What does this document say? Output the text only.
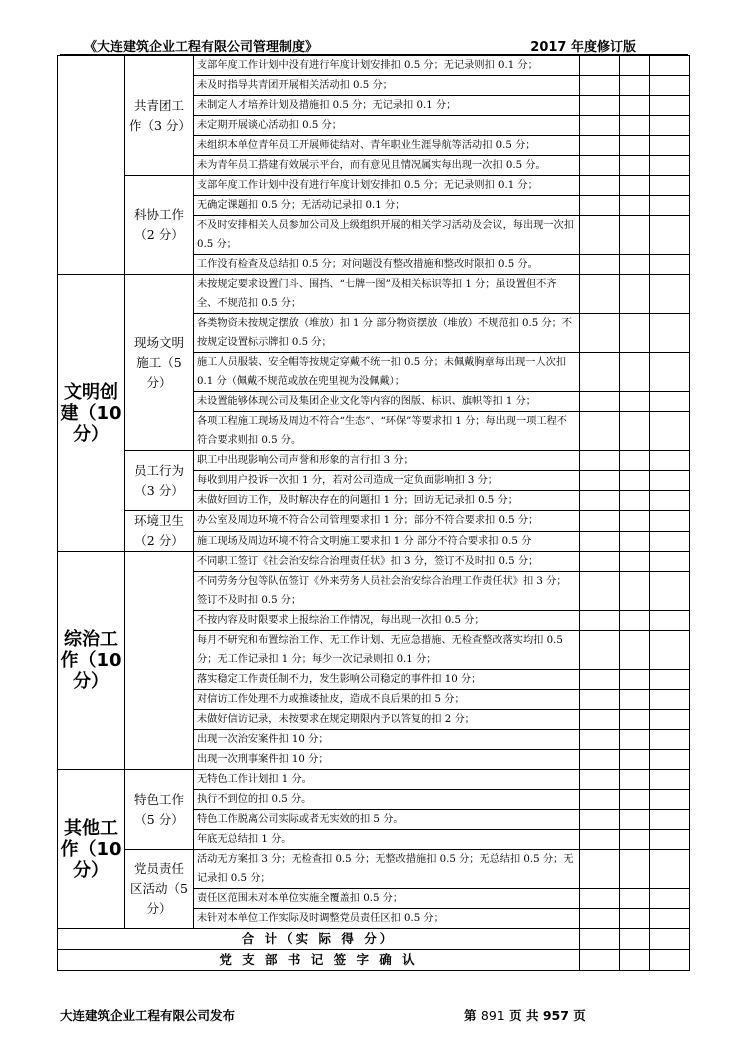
《大连建筑企业工程有限公司管理制度》	2017 年度修订版
	共青团工作（3 分）	支部年度工作计划中没有进行年度计划安排扣 0.5 分；无记录则扣 0.1 分；			
		未及时指导共青团开展相关活动扣 0.5 分；			
		未制定人才培养计划及措施扣 0.5 分；无记录扣 0.1 分；			
		未定期开展谈心活动扣 0.5 分；			
		未组织本单位青年员工开展师徒结对、青年职业生涯导航等活动扣 0.5 分；			
		未为青年员工搭建有效展示平台，而有意见且情况属实每出现一次扣 0.5 分。			
	科协工作（2 分）	支部年度工作计划中没有进行年度计划安排扣 0.5 分；无记录则扣 0.1 分；			
		无确定课题扣 0.5 分；无活动记录扣 0.1 分；			
		不及时安排相关人员参加公司及上级组织开展的相关学习活动及会议，每出现一次扣 0.5 分；			
		工作没有检查及总结扣 0.5 分；对问题没有整改措施和整改时限扣 0.5 分。			
文明创建（10 分）	现场文明施工（5 分）	未按规定要求设置门斗、围挡、“七牌一图”及相关标识等扣 1 分；虽设置但不齐全、不规范扣 0.5 分；			
		各类物资未按规定摆放（堆放）扣 1 分 部分物资摆放（堆放）不规范扣 0.5 分；不按规定设置标示牌扣 0.5 分；			
		施工人员服装、安全帽等按规定穿戴不统一扣 0.5 分；未佩戴胸章每出现一人次扣 0.1 分（佩戴不规范或放在兜里视为没佩戴）；			
		未设置能够体现公司及集团企业文化等内容的图版、标识、旗帜等扣 1 分；			
		各项工程施工现场及周边不符合“生态”、“环保”等要求扣 1 分；每出现一项工程不符合要求则扣 0.5 分。			
	员工行为（3 分）	职工中出现影响公司声誉和形象的言行扣 3 分；			
		每收到用户投诉一次扣 1 分，若对公司造成一定负面影响扣 3 分；			
		未做好回访工作，及时解决存在的问题扣 1 分；回访无记录扣 0.5 分；			
	环境卫生（2 分）	办公室及周边环境不符合公司管理要求扣 1 分；部分不符合要求扣 0.5 分；			
		施工现场及周边环境不符合文明施工要求扣 1 分 部分不符合要求扣 0.5 分			
综治工作（10 分）		不同职工签订《社会治安综合治理责任状》扣 3 分，签订不及时扣 0.5 分；			
		不同劳务分包等队伍签订《外来劳务人员社会治安综合治理工作责任状》扣 3 分；签订不及时扣 0.5 分；			
		不按内容及时限要求上报综治工作情况，每出现一次扣 0.5 分；			
		每月不研究和布置综治工作、无工作计划、无应急措施、无检查整改落实均扣 0.5 分；无工作记录扣 1 分；每少一次记录则扣 0.1 分；			
		落实稳定工作责任制不力，发生影响公司稳定的事件扣 10 分；			
		对信访工作处理不力或推诿扯皮，造成不良后果的扣 5 分；			
		未做好信访记录，未按要求在规定期限内予以答复的扣 2 分；			
		出现一次治安案件扣 10 分；			
		出现一次刑事案件扣 10 分；			
其他工作（10 分）	特色工作（5 分）	无特色工作计划扣 1 分。			
		执行不到位的扣 0.5 分。			
		特色工作脱离公司实际或者无实效的扣 5 分。			
		年底无总结扣 1 分。			
	党员责任区活动（5 分）	活动无方案扣 3 分；无检查扣 0.5 分；无整改措施扣 0.5 分；无总结扣 0.5 分；无记录扣 0.5 分；			
		责任区范围未对本单位实施全覆盖扣 0.5 分；			
		未针对本单位工作实际及时调整党员责任区扣 0.5 分；			
合 计（实 际 得 分）					
党 支 部 书 记 签 字 确 认					
大连建筑企业工程有限公司发布	第 891 页 共 957 页
